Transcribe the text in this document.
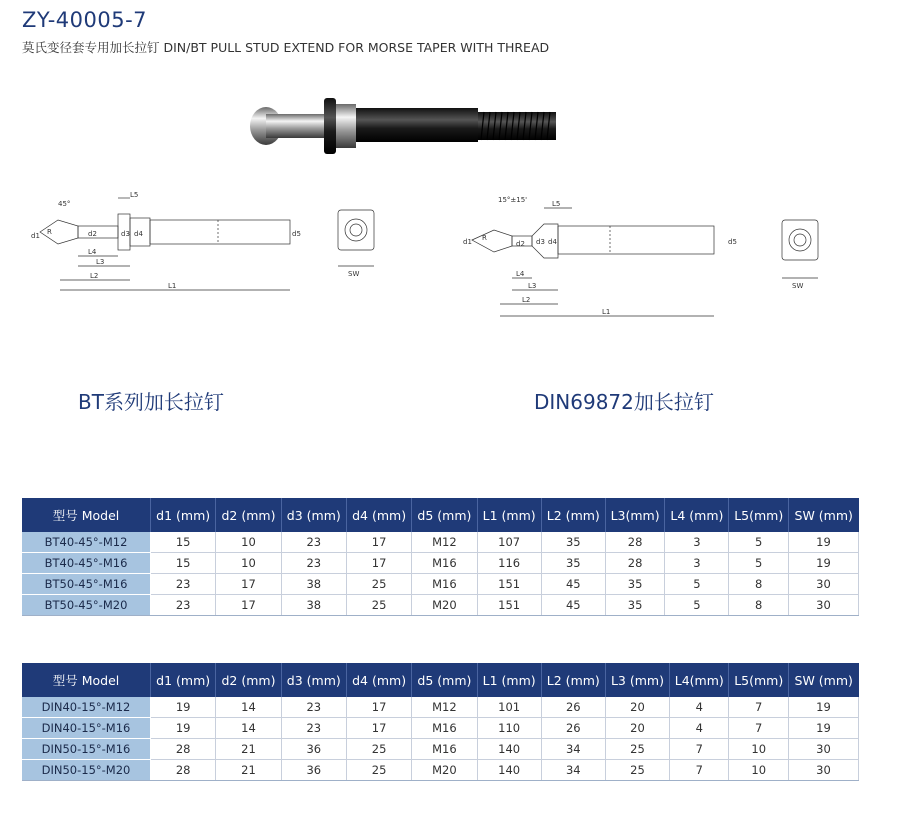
ZY-40005-7
莫氏变径套专用加长拉钉 DIN/BT PULL STUD EXTEND FOR MORSE TAPER WITH THREAD
45°
d1 R	d2	d3 d4	d5
L1
L2
L3
L4
L5
SW
15°±15'
d1 R
d2 d3 d4	d5
L1
L2
L3
L4
L5
SW
BT系列加长拉钉	DIN69872加长拉钉
型号 Model	d1 (mm)	d2 (mm)	d3 (mm)	d4 (mm)	d5 (mm)	L1 (mm)	L2 (mm)	L3(mm)	L4 (mm)	L5(mm)	SW (mm)
BT40-45°-M12	15	10	23	17	M12	107	35	28	3	5	19
BT40-45°-M16	15	10	23	17	M16	116	35	28	3	5	19
BT50-45°-M16	23	17	38	25	M16	151	45	35	5	8	30
BT50-45°-M20	23	17	38	25	M20	151	45	35	5	8	30
型号 Model	d1 (mm)	d2 (mm)	d3 (mm)	d4 (mm)	d5 (mm)	L1 (mm)	L2 (mm)	L3 (mm)	L4(mm)	L5(mm)	SW (mm)
DIN40-15°-M12	19	14	23	17	M12	101	26	20	4	7	19
DIN40-15°-M16	19	14	23	17	M16	110	26	20	4	7	19
DIN50-15°-M16	28	21	36	25	M16	140	34	25	7	10	30
DIN50-15°-M20	28	21	36	25	M20	140	34	25	7	10	30
